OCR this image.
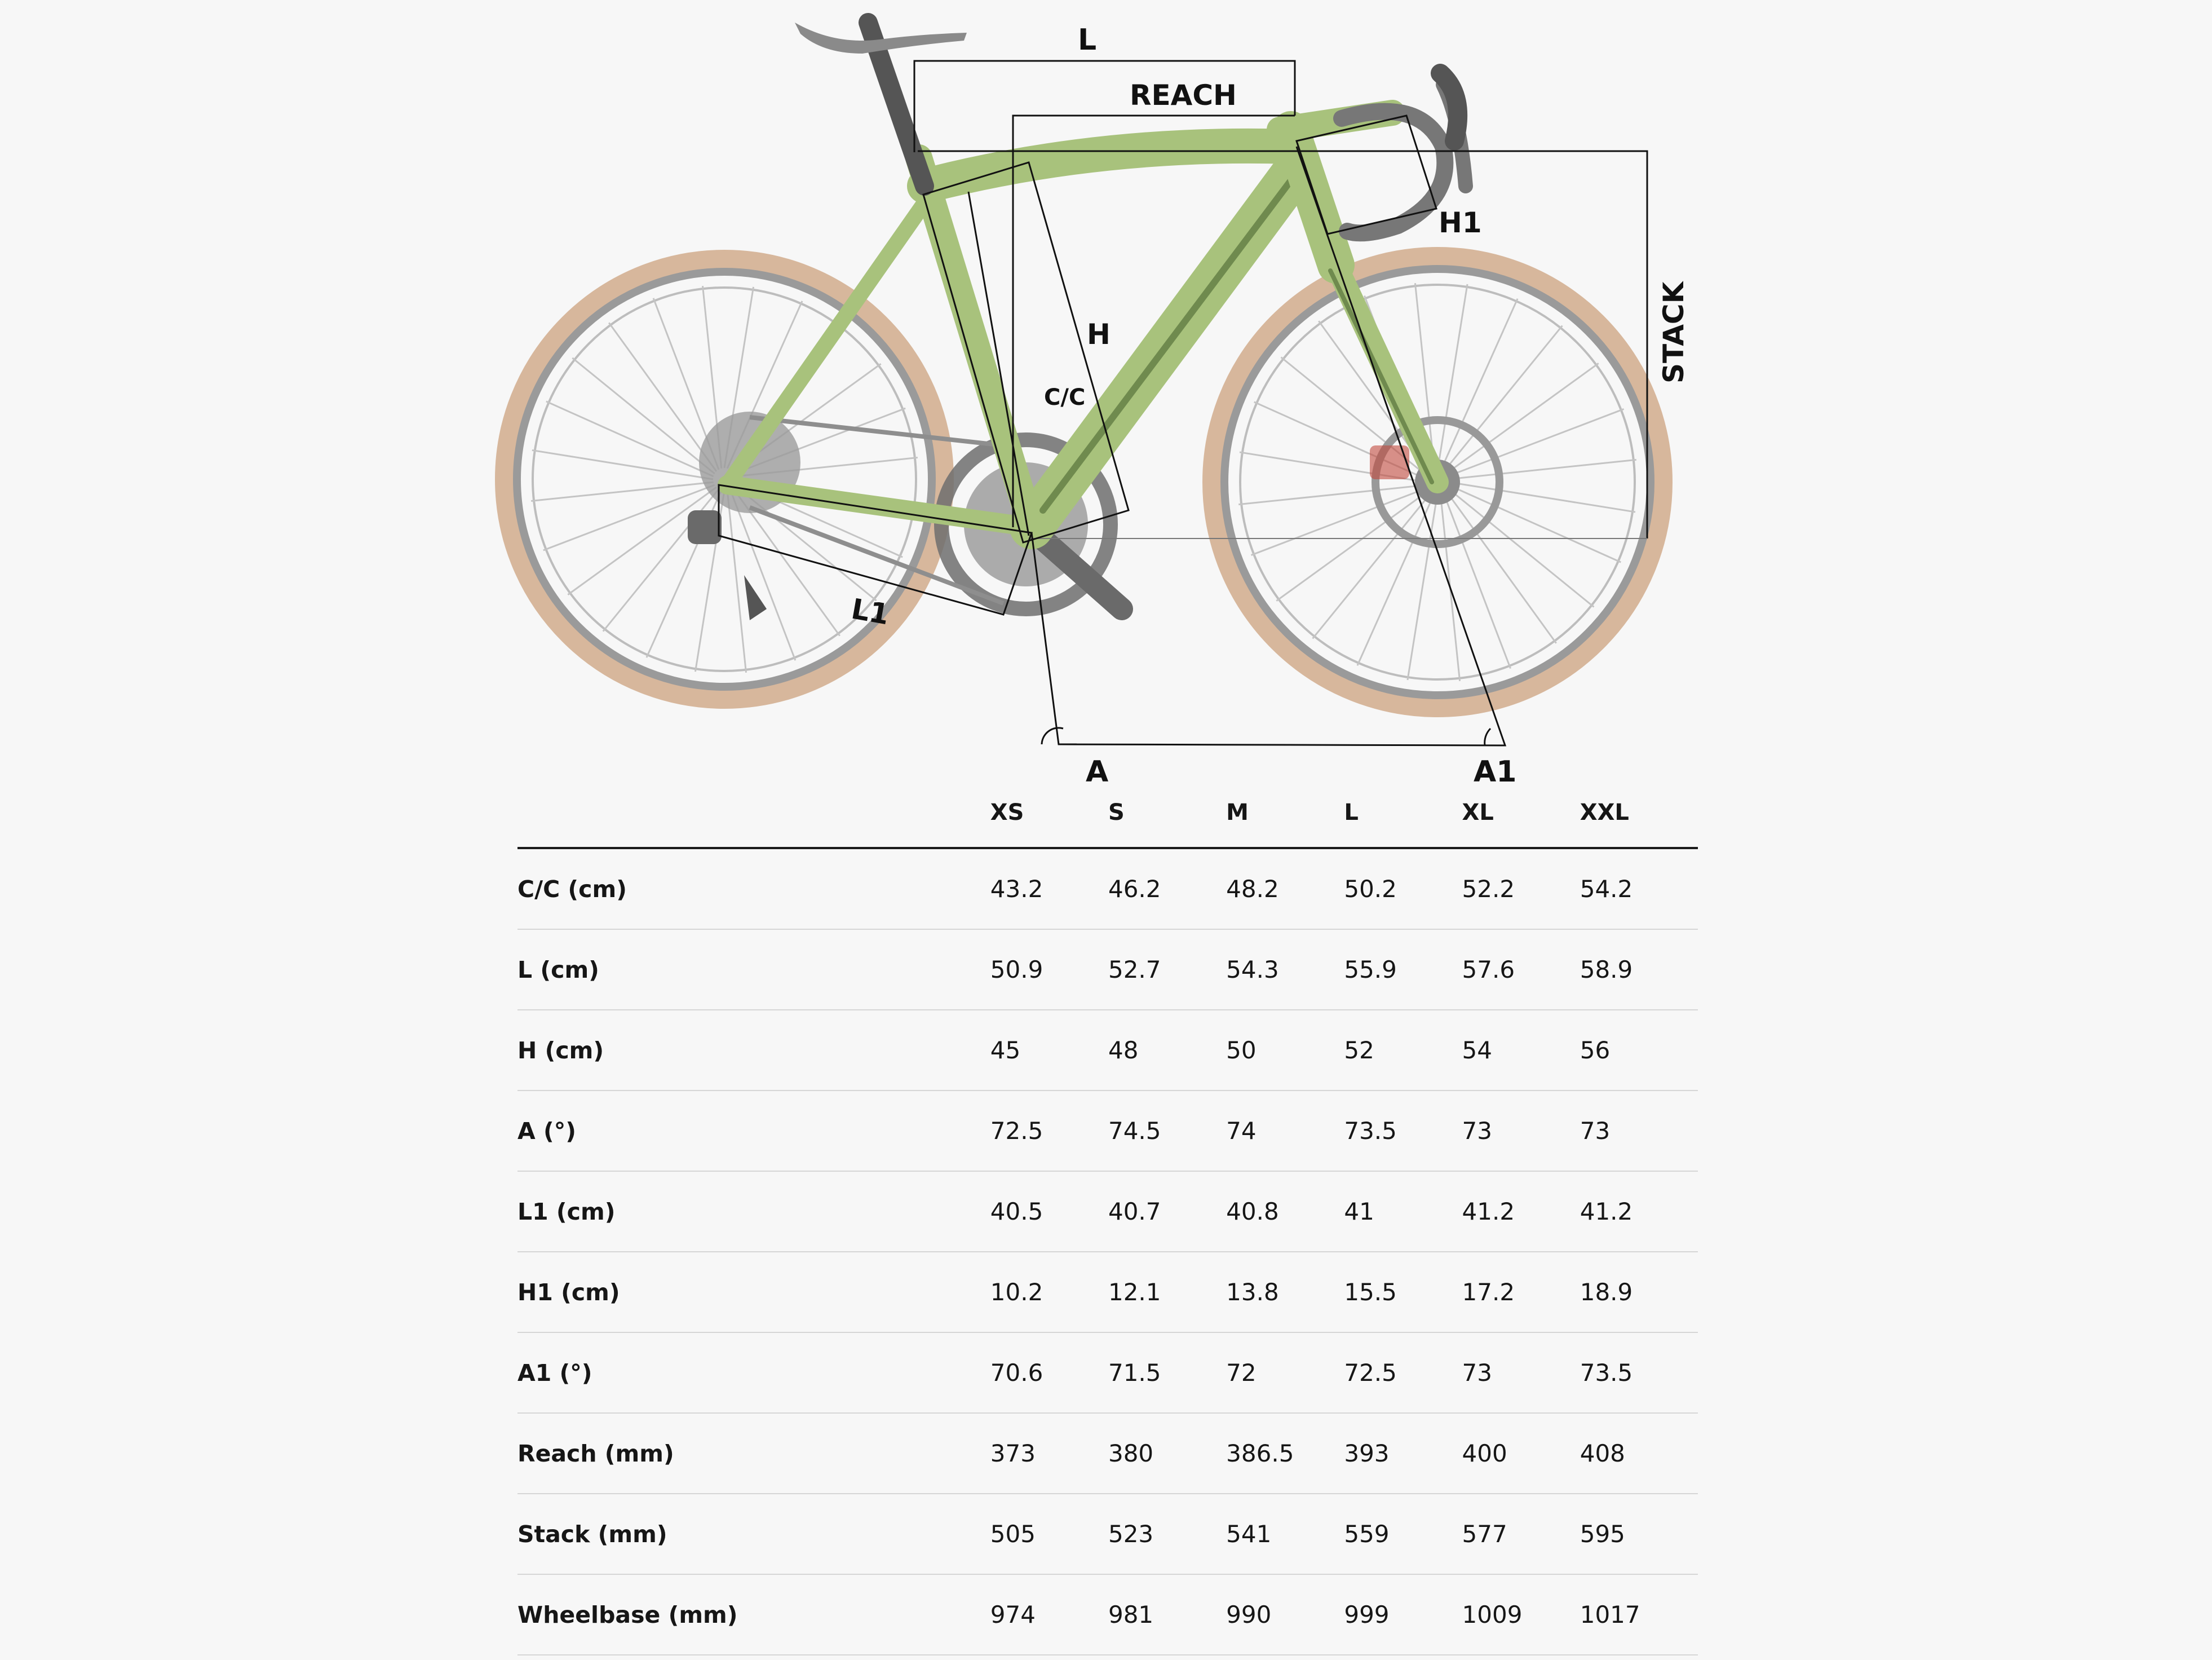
L
REACH
H1
H
C/C
STACK
L1
A	A1
	XS	S	M	L	XL	XXL
C/C (cm)	43.2	46.2	48.2	50.2	52.2	54.2
L (cm)	50.9	52.7	54.3	55.9	57.6	58.9
H (cm)	45	48	50	52	54	56
A (°)	72.5	74.5	74	73.5	73	73
L1 (cm)	40.5	40.7	40.8	41	41.2	41.2
H1 (cm)	10.2	12.1	13.8	15.5	17.2	18.9
A1 (°)	70.6	71.5	72	72.5	73	73.5
Reach (mm)	373	380	386.5	393	400	408
Stack (mm)	505	523	541	559	577	595
Wheelbase (mm)	974	981	990	999	1009	1017
